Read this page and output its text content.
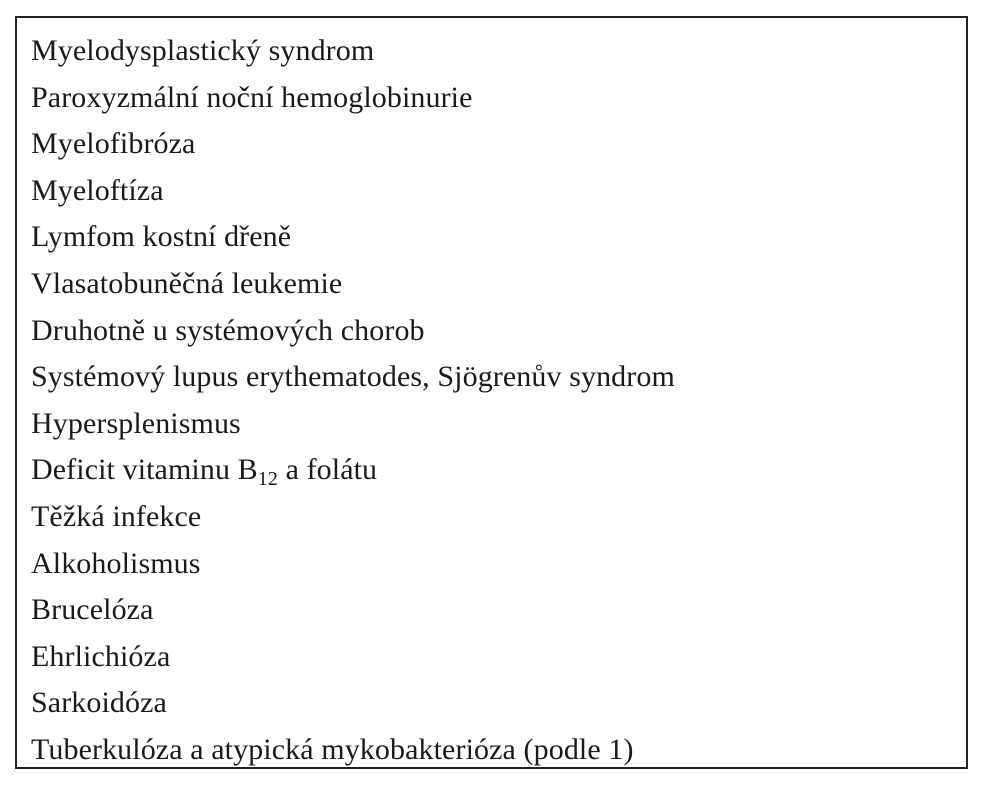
Myelodysplastický syndrom
Paroxyzmální noční hemoglobinurie
Myelofibróza
Myeloftíza
Lymfom kostní dřeně
Vlasatobuněčná leukemie
Druhotně u systémových chorob
Systémový lupus erythematodes, Sjögrenův syndrom
Hypersplenismus
Deficit vitaminu $B_{12}$ a folátu
Těžká infekce
Alkoholismus
Brucelóza
Ehrlichióza
Sarkoidóza
Tuberkulóza a atypická mykobakterióza (podle 1)
